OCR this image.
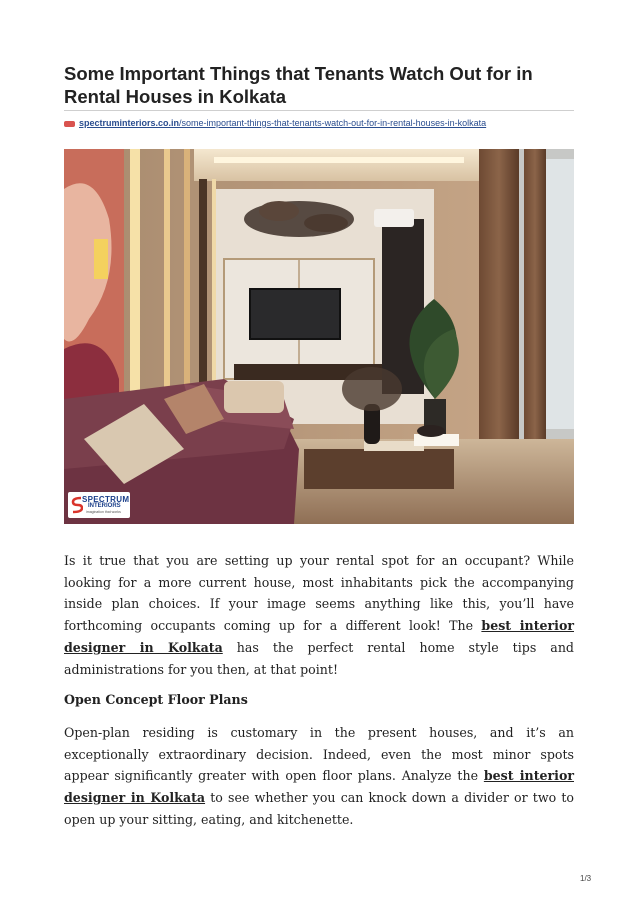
Some Important Things that Tenants Watch Out for in Rental Houses in Kolkata
spectruminteriors.co.in/some-important-things-that-tenants-watch-out-for-in-rental-houses-in-kolkata
SPECTRUM
INTERIORS
imagination that works

Is it true that you are setting up your rental spot for an occupant? While looking for a more current house, most inhabitants pick the accompanying inside plan choices. If your image seems anything like this, you’ll have forthcoming occupants coming up for a different look! The best interior designer in Kolkata has the perfect rental home style tips and administrations for you then, at that point!

Open Concept Floor Plans

Open-plan residing is customary in the present houses, and it’s an exceptionally extraordinary decision. Indeed, even the most minor spots appear significantly greater with open floor plans. Analyze the best interior designer in Kolkata to see whether you can knock down a divider or two to open up your sitting, eating, and kitchenette.

1/3
